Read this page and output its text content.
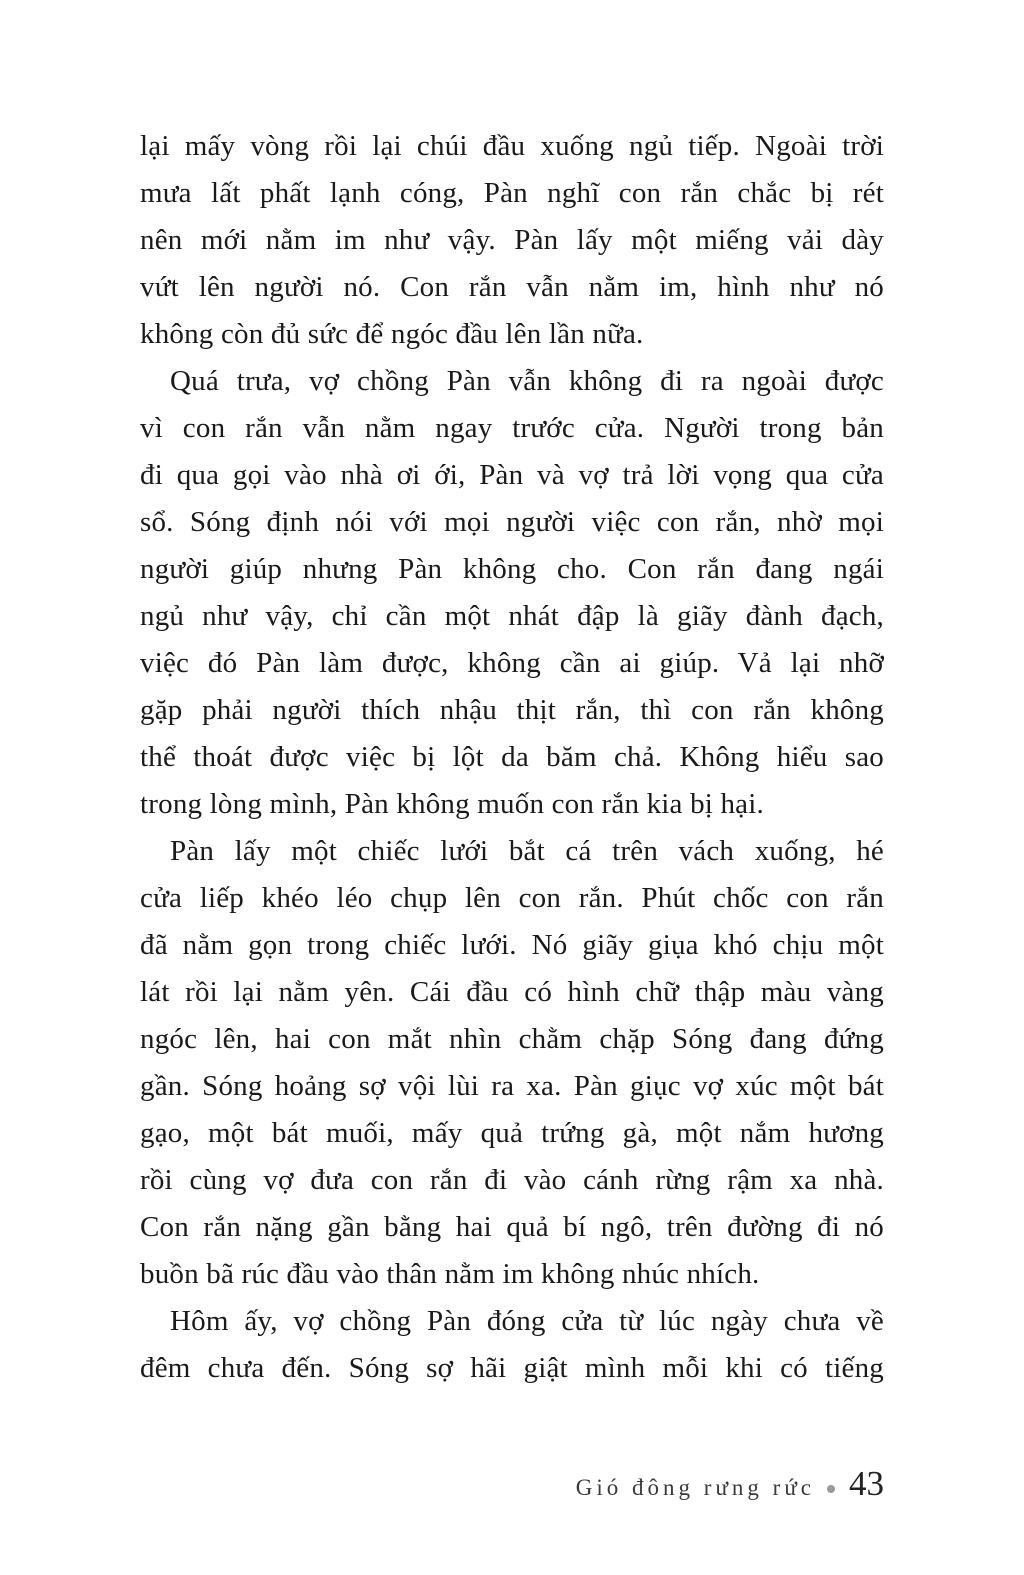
lại mấy vòng rồi lại chúi đầu xuống ngủ tiếp. Ngoài trời
mưa lất phất lạnh cóng, Pàn nghĩ con rắn chắc bị rét
nên mới nằm im như vậy. Pàn lấy một miếng vải dày
vứt lên người nó. Con rắn vẫn nằm im, hình như nó
không còn đủ sức để ngóc đầu lên lần nữa.
Quá trưa, vợ chồng Pàn vẫn không đi ra ngoài được
vì con rắn vẫn nằm ngay trước cửa. Người trong bản
đi qua gọi vào nhà ơi ới, Pàn và vợ trả lời vọng qua cửa
sổ. Sóng định nói với mọi người việc con rắn, nhờ mọi
người giúp nhưng Pàn không cho. Con rắn đang ngái
ngủ như vậy, chỉ cần một nhát đập là giãy đành đạch,
việc đó Pàn làm được, không cần ai giúp. Vả lại nhỡ
gặp phải người thích nhậu thịt rắn, thì con rắn không
thể thoát được việc bị lột da băm chả. Không hiểu sao
trong lòng mình, Pàn không muốn con rắn kia bị hại.
Pàn lấy một chiếc lưới bắt cá trên vách xuống, hé
cửa liếp khéo léo chụp lên con rắn. Phút chốc con rắn
đã nằm gọn trong chiếc lưới. Nó giãy giụa khó chịu một
lát rồi lại nằm yên. Cái đầu có hình chữ thập màu vàng
ngóc lên, hai con mắt nhìn chằm chặp Sóng đang đứng
gần. Sóng hoảng sợ vội lùi ra xa. Pàn giục vợ xúc một bát
gạo, một bát muối, mấy quả trứng gà, một nắm hương
rồi cùng vợ đưa con rắn đi vào cánh rừng rậm xa nhà.
Con rắn nặng gần bằng hai quả bí ngô, trên đường đi nó
buồn bã rúc đầu vào thân nằm im không nhúc nhích.
Hôm ấy, vợ chồng Pàn đóng cửa từ lúc ngày chưa về
đêm chưa đến. Sóng sợ hãi giật mình mỗi khi có tiếng
Gió đông rưng rức 43
